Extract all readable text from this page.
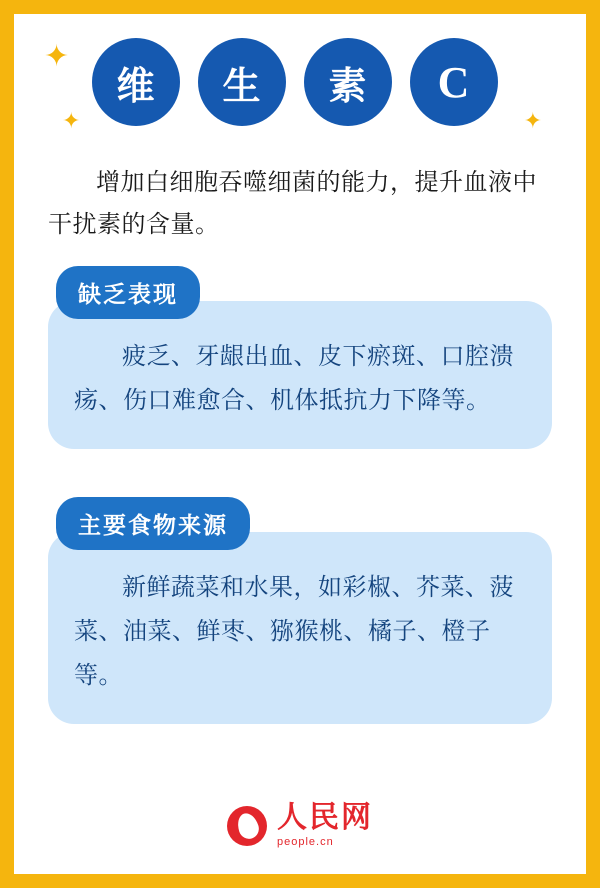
✦
✦	✦
维	生	素	C

增加白细胞吞噬细菌的能力，提升血液中干扰素的含量。

缺乏表现
疲乏、牙龈出血、皮下瘀斑、口腔溃疡、伤口难愈合、机体抵抗力下降等。
主要食物来源
新鲜蔬菜和水果，如彩椒、芥菜、菠菜、油菜、鲜枣、猕猴桃、橘子、橙子等。
人民网
people.cn
